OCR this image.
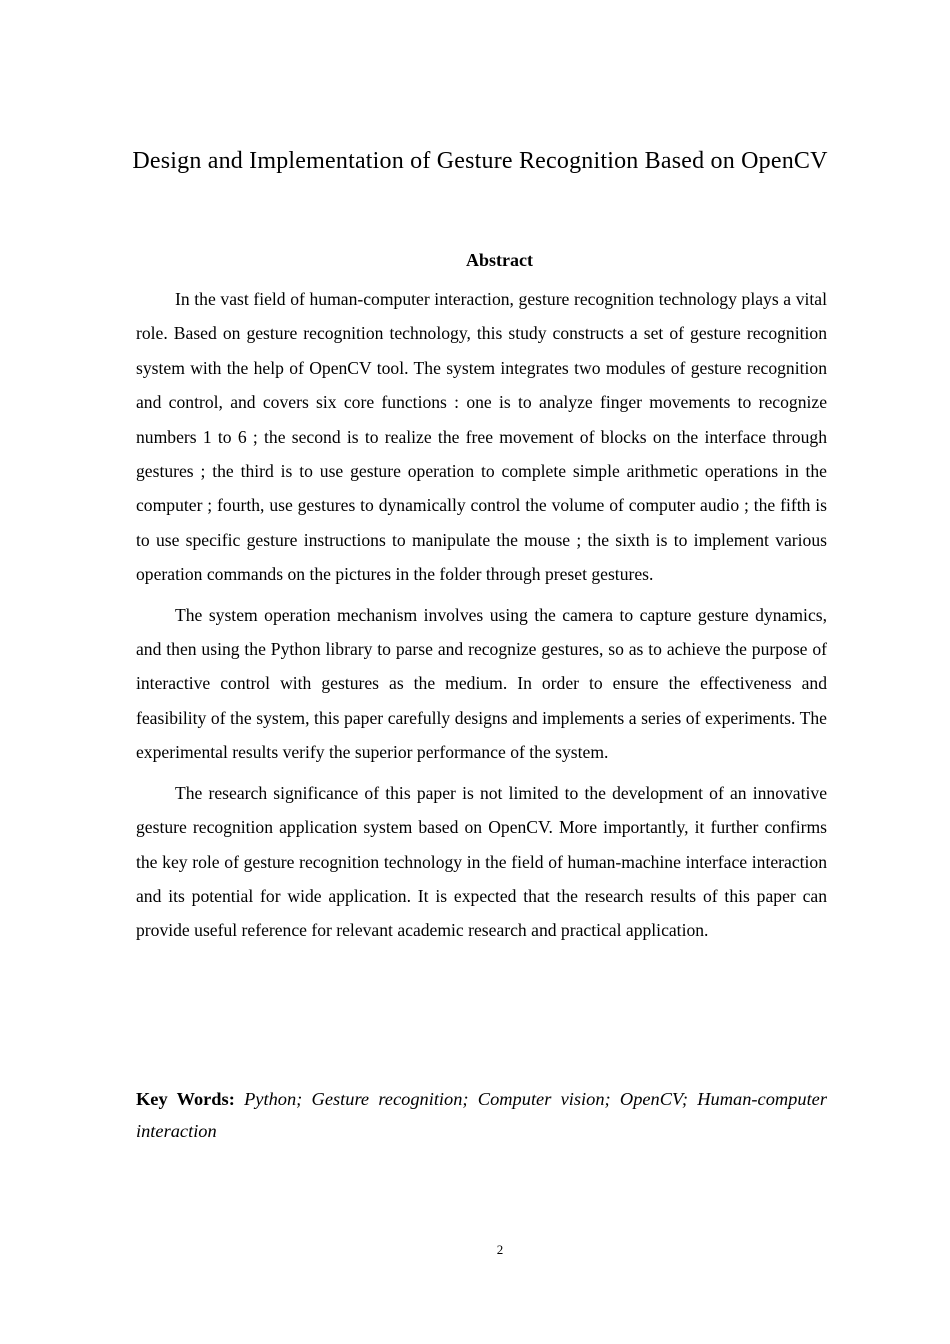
Design and Implementation of Gesture Recognition Based on OpenCV
Abstract

In the vast field of human-computer interaction, gesture recognition technology plays a vital role. Based on gesture recognition technology, this study constructs a set of gesture recognition system with the help of OpenCV tool. The system integrates two modules of gesture recognition and control, and covers six core functions : one is to analyze finger movements to recognize numbers 1 to 6 ; the second is to realize the free movement of blocks on the interface through gestures ; the third is to use gesture operation to complete simple arithmetic operations in the computer ; fourth, use gestures to dynamically control the volume of computer audio ; the fifth is to use specific gesture instructions to manipulate the mouse ; the sixth is to implement various operation commands on the pictures in the folder through preset gestures.

The system operation mechanism involves using the camera to capture gesture dynamics, and then using the Python library to parse and recognize gestures, so as to achieve the purpose of interactive control with gestures as the medium. In order to ensure the effectiveness and feasibility of the system, this paper carefully designs and implements a series of experiments. The experimental results verify the superior performance of the system.

The research significance of this paper is not limited to the development of an innovative gesture recognition application system based on OpenCV. More importantly, it further confirms the key role of gesture recognition technology in the field of human-machine interface interaction and its potential for wide application. It is expected that the research results of this paper can provide useful reference for relevant academic research and practical application.

Key Words: Python; Gesture recognition; Computer vision; OpenCV; Human-computer interaction

2
